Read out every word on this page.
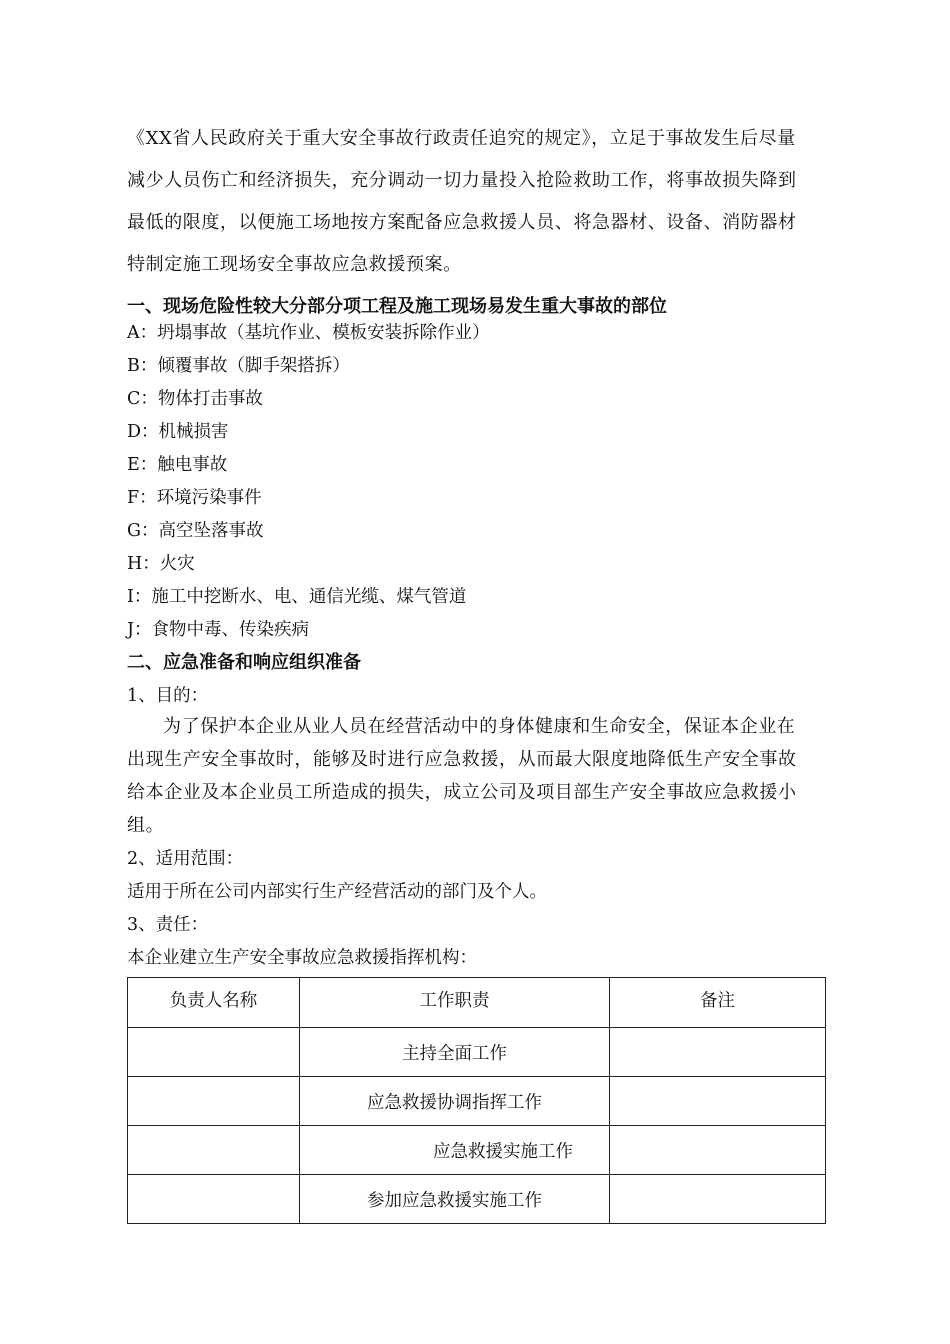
《XX省人民政府关于重大安全事故行政责任追究的规定》，立足于事故发生后尽量
减少人员伤亡和经济损失，充分调动一切力量投入抢险救助工作，将事故损失降到
最低的限度，以便施工场地按方案配备应急救援人员、将急器材、设备、消防器材
特制定施工现场安全事故应急救援预案。
一、现场危险性较大分部分项工程及施工现场易发生重大事故的部位
A：坍塌事故（基坑作业、模板安装拆除作业）
B：倾覆事故（脚手架搭拆）
C：物体打击事故
D：机械损害
E：触电事故
F：环境污染事件
G：高空坠落事故
H：火灾
I：施工中挖断水、电、通信光缆、煤气管道
J：食物中毒、传染疾病
二、应急准备和响应组织准备
1、目的：
为了保护本企业从业人员在经营活动中的身体健康和生命安全，保证本企业在
出现生产安全事故时，能够及时进行应急救援，从而最大限度地降低生产安全事故
给本企业及本企业员工所造成的损失，成立公司及项目部生产安全事故应急救援小
组。
2、适用范围：
适用于所在公司内部实行生产经营活动的部门及个人。
3、责任：
本企业建立生产安全事故应急救援指挥机构：
负责人名称	工作职责	备注
	主持全面工作	
	应急救援协调指挥工作	
	应急救援实施工作	
	参加应急救援实施工作	
